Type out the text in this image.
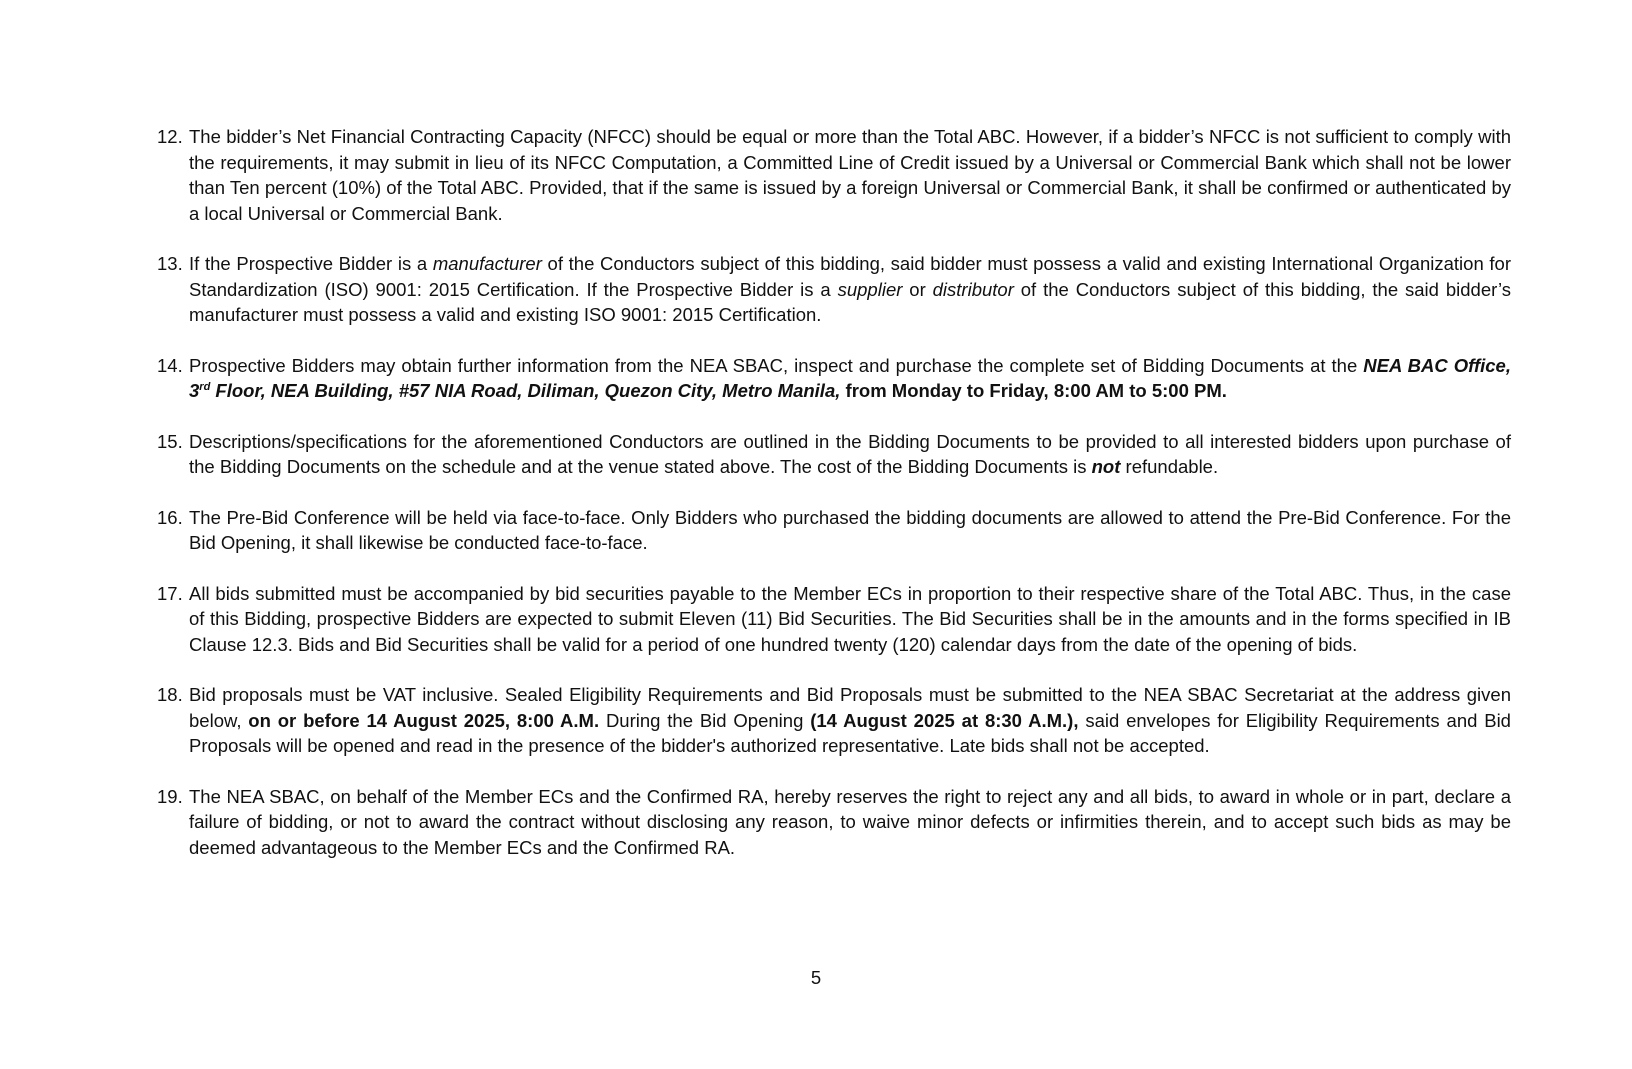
12. The bidder’s Net Financial Contracting Capacity (NFCC) should be equal or more than the Total ABC. However, if a bidder’s NFCC is not sufficient to comply with the requirements, it may submit in lieu of its NFCC Computation, a Committed Line of Credit issued by a Universal or Commercial Bank which shall not be lower than Ten percent (10%) of the Total ABC. Provided, that if the same is issued by a foreign Universal or Commercial Bank, it shall be confirmed or authenticated by a local Universal or Commercial Bank.
13. If the Prospective Bidder is a manufacturer of the Conductors subject of this bidding, said bidder must possess a valid and existing International Organization for Standardization (ISO) 9001: 2015 Certification. If the Prospective Bidder is a supplier or distributor of the Conductors subject of this bidding, the said bidder’s manufacturer must possess a valid and existing ISO 9001: 2015 Certification.
14. Prospective Bidders may obtain further information from the NEA SBAC, inspect and purchase the complete set of Bidding Documents at the NEA BAC Office, 3rd Floor, NEA Building, #57 NIA Road, Diliman, Quezon City, Metro Manila, from Monday to Friday, 8:00 AM to 5:00 PM.
15. Descriptions/specifications for the aforementioned Conductors are outlined in the Bidding Documents to be provided to all interested bidders upon purchase of the Bidding Documents on the schedule and at the venue stated above. The cost of the Bidding Documents is not refundable.
16. The Pre-Bid Conference will be held via face-to-face. Only Bidders who purchased the bidding documents are allowed to attend the Pre-Bid Conference. For the Bid Opening, it shall likewise be conducted face-to-face.
17. All bids submitted must be accompanied by bid securities payable to the Member ECs in proportion to their respective share of the Total ABC. Thus, in the case of this Bidding, prospective Bidders are expected to submit Eleven (11) Bid Securities. The Bid Securities shall be in the amounts and in the forms specified in IB Clause 12.3. Bids and Bid Securities shall be valid for a period of one hundred twenty (120) calendar days from the date of the opening of bids.
18. Bid proposals must be VAT inclusive. Sealed Eligibility Requirements and Bid Proposals must be submitted to the NEA SBAC Secretariat at the address given below, on or before 14 August 2025, 8:00 A.M. During the Bid Opening (14 August 2025 at 8:30 A.M.), said envelopes for Eligibility Requirements and Bid Proposals will be opened and read in the presence of the bidder's authorized representative. Late bids shall not be accepted.
19. The NEA SBAC, on behalf of the Member ECs and the Confirmed RA, hereby reserves the right to reject any and all bids, to award in whole or in part, declare a failure of bidding, or not to award the contract without disclosing any reason, to waive minor defects or infirmities therein, and to accept such bids as may be deemed advantageous to the Member ECs and the Confirmed RA.
5
